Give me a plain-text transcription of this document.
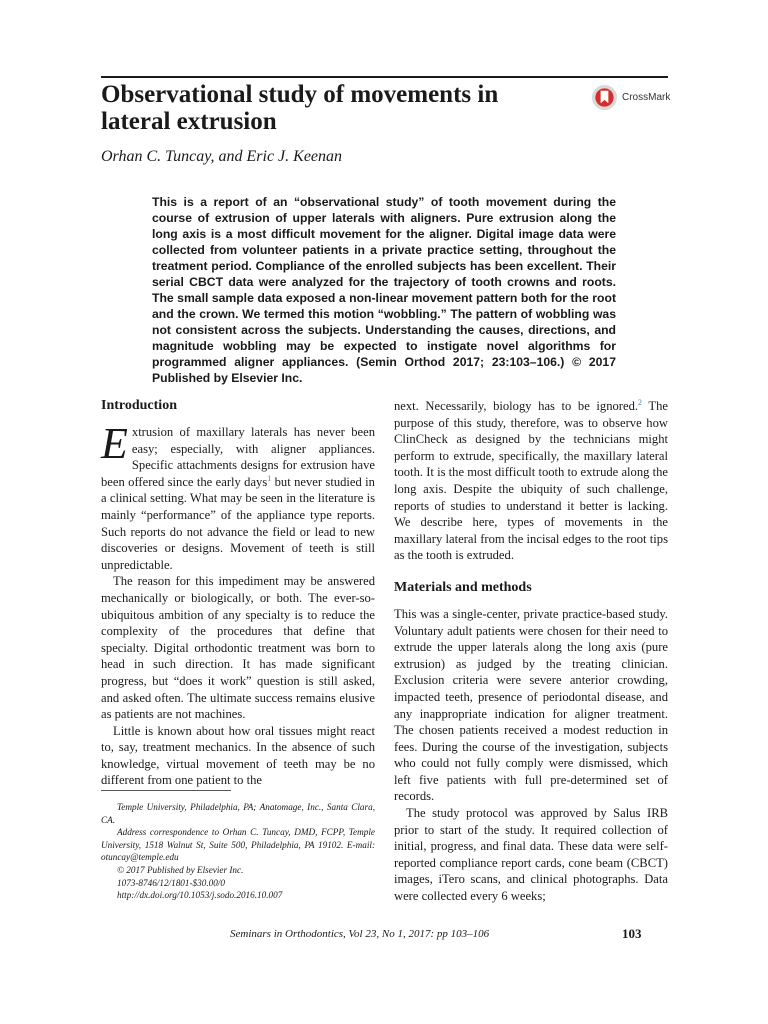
Observational study of movements in lateral extrusion
CrossMark
Orhan C. Tuncay, and Eric J. Keenan

This is a report of an “observational study” of tooth movement during the course of extrusion of upper laterals with aligners. Pure extrusion along the long axis is a most difficult movement for the aligner. Digital image data were collected from volunteer patients in a private practice setting, throughout the treatment period. Compliance of the enrolled subjects has been excellent. Their serial CBCT data were analyzed for the trajectory of tooth crowns and roots. The small sample data exposed a non-linear movement pattern both for the root and the crown. We termed this motion “wobbling.” The pattern of wobbling was not consistent across the subjects. Understanding the causes, directions, and magnitude wobbling may be expected to instigate novel algorithms for programmed aligner appliances. (Semin Orthod 2017; 23:103–106.) © 2017 Published by Elsevier Inc.

Introduction

Extrusion of maxillary laterals has never been easy; especially, with aligner appliances. Specific attachments designs for extrusion have been offered since the early days$^1$ but never studied in a clinical setting. What may be seen in the literature is mainly “performance” of the appliance type reports. Such reports do not advance the field or lead to new discoveries or designs. Movement of teeth is still unpredictable.

The reason for this impediment may be answered mechanically or biologically, or both. The ever-so-ubiquitous ambition of any specialty is to reduce the complexity of the procedures that define that specialty. Digital orthodontic treatment was born to head in such direction. It has made significant progress, but “does it work” question is still asked, and asked often. The ultimate success remains elusive as patients are not machines.

Little is known about how oral tissues might react to, say, treatment mechanics. In the absence of such knowledge, virtual movement of teeth may be no different from one patient to the

next. Necessarily, biology has to be ignored.$^2$ The purpose of this study, therefore, was to observe how ClinCheck as designed by the technicians might perform to extrude, specifically, the maxillary lateral tooth. It is the most difficult tooth to extrude along the long axis. Despite the ubiquity of such challenge, reports of studies to understand it better is lacking. We describe here, types of movements in the maxillary lateral from the incisal edges to the root tips as the tooth is extruded.

Materials and methods

This was a single-center, private practice-based study. Voluntary adult patients were chosen for their need to extrude the upper laterals along the long axis (pure extrusion) as judged by the treating clinician. Exclusion criteria were severe anterior crowding, impacted teeth, presence of periodontal disease, and any inappropriate indication for aligner treatment. The chosen patients received a modest reduction in fees. During the course of the investigation, subjects who could not fully comply were dismissed, which left five patients with full pre-determined set of records.

The study protocol was approved by Salus IRB prior to start of the study. It required collection of initial, progress, and final data. These data were self-reported compliance report cards, cone beam (CBCT) images, iTero scans, and clinical photographs. Data were collected every 6 weeks;

Temple University, Philadelphia, PA; Anatomage, Inc., Santa Clara, CA.

Address correspondence to Orhan C. Tuncay, DMD, FCPP, Temple University, 1518 Walnut St, Suite 500, Philadelphia, PA 19102. E-mail: otuncay@temple.edu

© 2017 Published by Elsevier Inc.

1073-8746/12/1801-$30.00/0

http://dx.doi.org/10.1053/j.sodo.2016.10.007

Seminars in Orthodontics, Vol 23, No 1, 2017: pp 103–106	103
